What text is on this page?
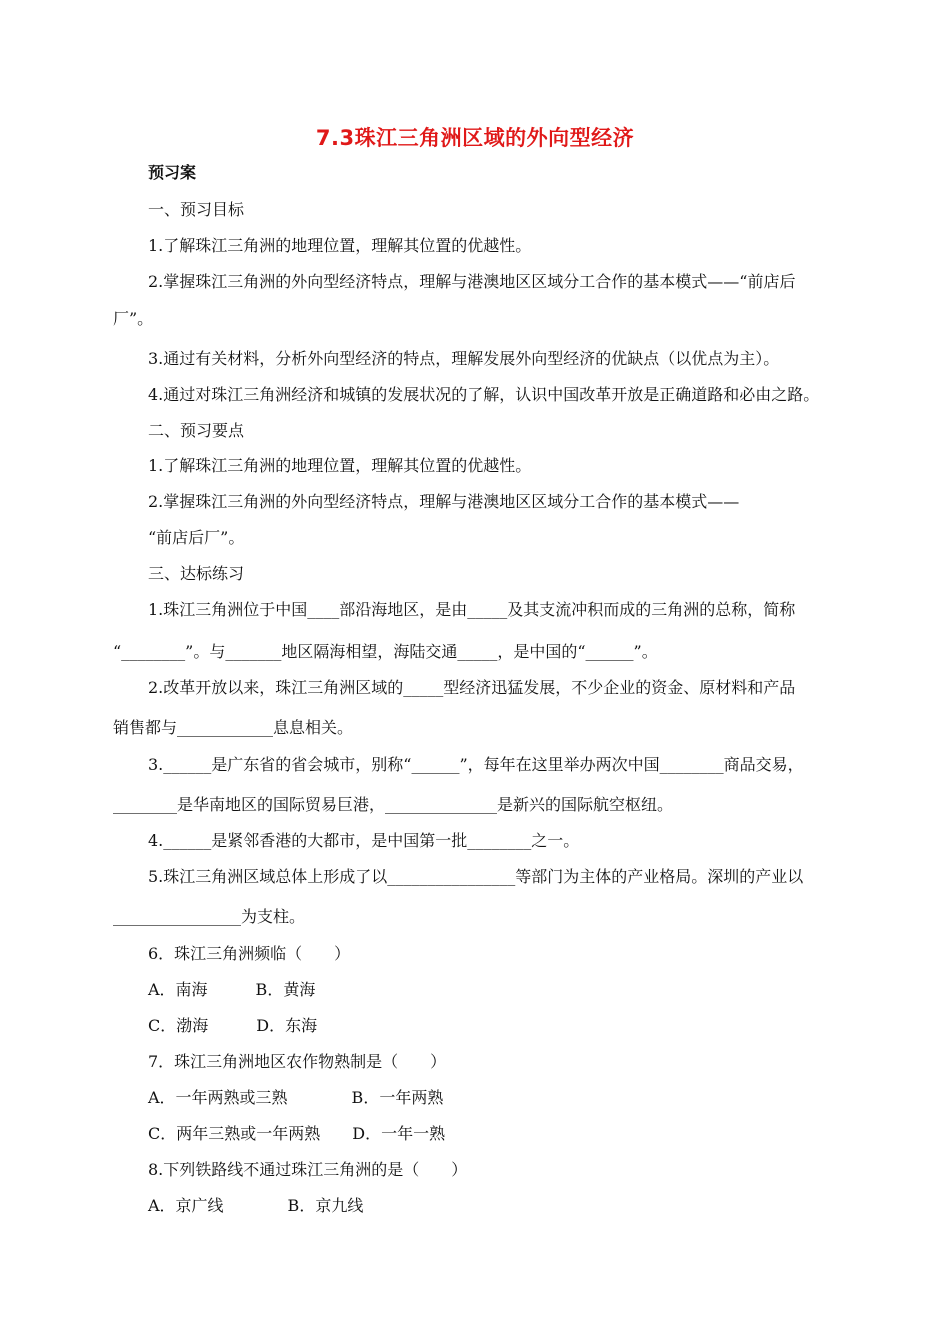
7.3珠江三角洲区域的外向型经济
预习案
一、预习目标
1.了解珠江三角洲的地理位置，理解其位置的优越性。
2.掌握珠江三角洲的外向型经济特点，理解与港澳地区区域分工合作的基本模式——“前店后
厂”。
3.通过有关材料，分析外向型经济的特点，理解发展外向型经济的优缺点（以优点为主）。
4.通过对珠江三角洲经济和城镇的发展状况的了解，认识中国改革开放是正确道路和必由之路。
二、预习要点
1.了解珠江三角洲的地理位置，理解其位置的优越性。
2.掌握珠江三角洲的外向型经济特点，理解与港澳地区区域分工合作的基本模式——
“前店后厂”。
三、达标练习
1.珠江三角洲位于中国____部沿海地区，是由_____及其支流冲积而成的三角洲的总称，简称
“________”。与_______地区隔海相望，海陆交通_____，是中国的“______”。
2.改革开放以来，珠江三角洲区域的_____型经济迅猛发展，不少企业的资金、原材料和产品
销售都与____________息息相关。
3.______是广东省的省会城市，别称“______”，每年在这里举办两次中国________商品交易，
________是华南地区的国际贸易巨港，______________是新兴的国际航空枢纽。
4.______是紧邻香港的大都市，是中国第一批________之一。
5.珠江三角洲区域总体上形成了以________________等部门为主体的产业格局。深圳的产业以
________________为支柱。
6．珠江三角洲频临（　　）
A．南海　　　B．黄海
C．渤海　　　D．东海
7．珠江三角洲地区农作物熟制是（　　）
A．一年两熟或三熟　　　　B．一年两熟
C．两年三熟或一年两熟　　D．一年一熟
8.下列铁路线不通过珠江三角洲的是（　　）
A．京广线　　　　B．京九线
